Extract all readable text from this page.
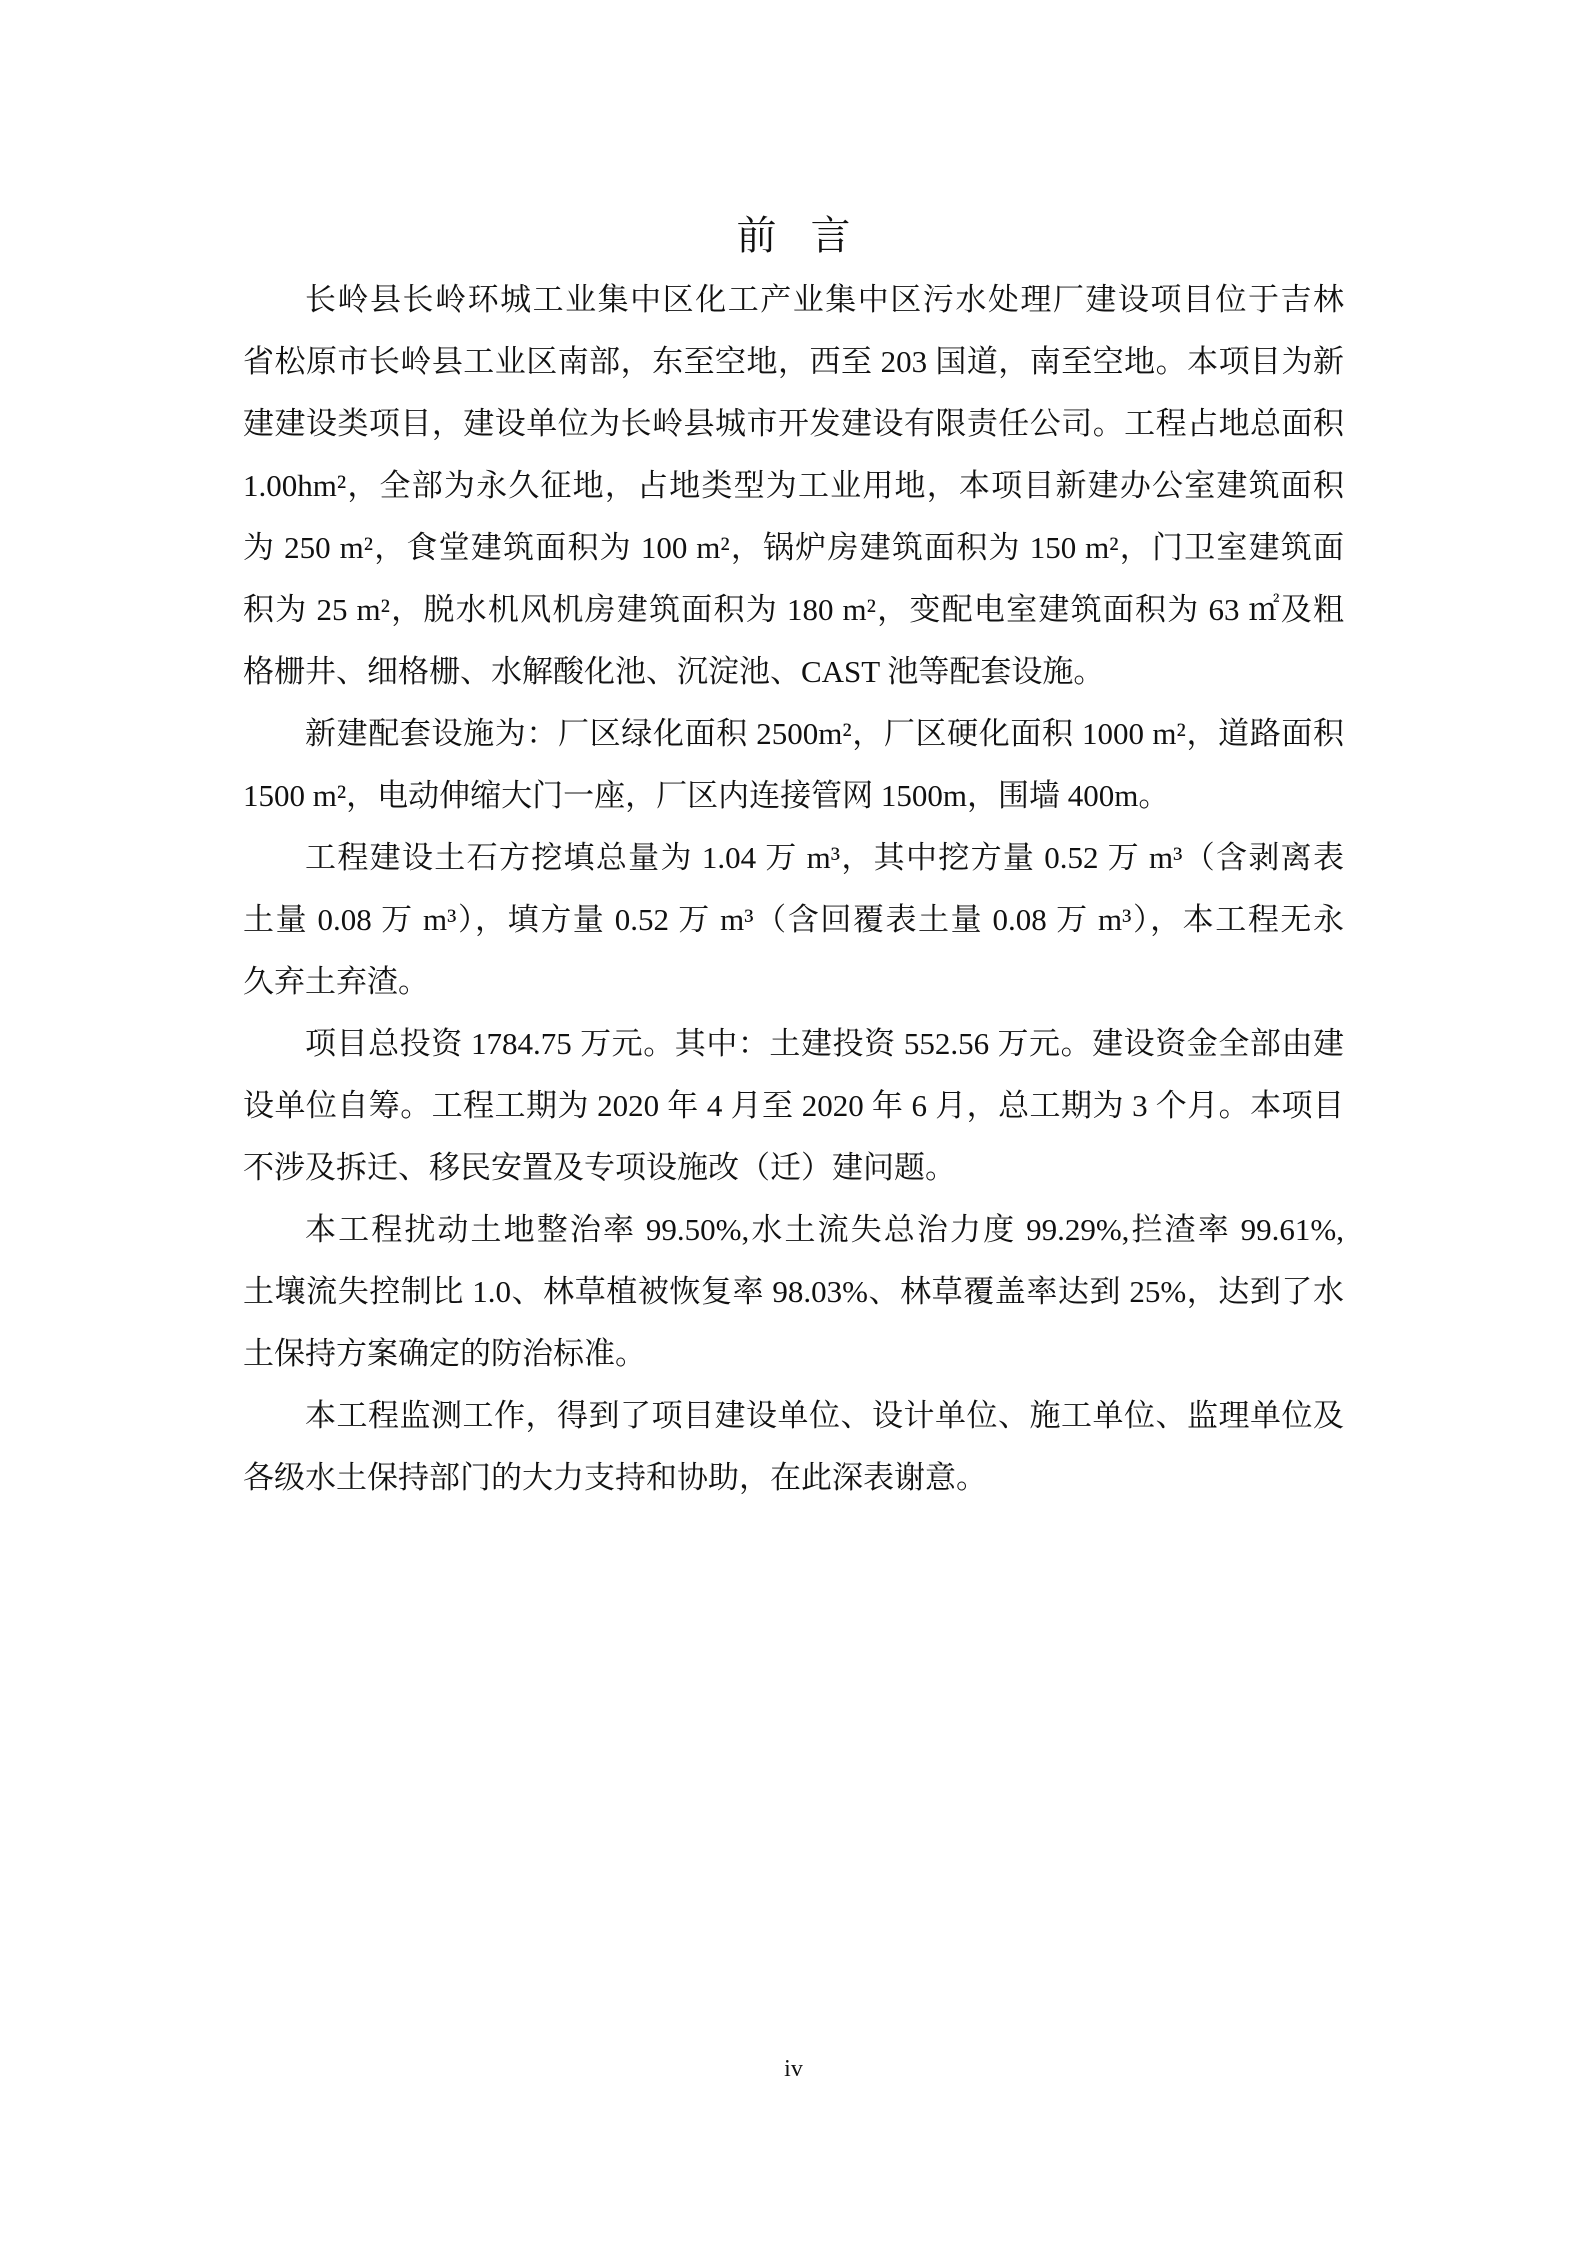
前 言
长岭县长岭环城工业集中区化工产业集中区污水处理厂建设项目位于吉林
省松原市长岭县工业区南部，东至空地，西至 203 国道，南至空地。本项目为新
建建设类项目，建设单位为长岭县城市开发建设有限责任公司。工程占地总面积
1.00hm²，全部为永久征地，占地类型为工业用地，本项目新建办公室建筑面积
为 250 m²，食堂建筑面积为 100 m²，锅炉房建筑面积为 150 m²，门卫室建筑面
积为 25 m²，脱水机风机房建筑面积为 180 m²，变配电室建筑面积为 63 ㎡及粗
格栅井、细格栅、水解酸化池、沉淀池、CAST 池等配套设施。
新建配套设施为：厂区绿化面积 2500m²，厂区硬化面积 1000 m²，道路面积
1500 m²，电动伸缩大门一座，厂区内连接管网 1500m，围墙 400m。
工程建设土石方挖填总量为 1.04 万 m³，其中挖方量 0.52 万 m³（含剥离表
土量 0.08 万 m³），填方量 0.52 万 m³（含回覆表土量 0.08 万 m³），本工程无永
久弃土弃渣。
项目总投资 1784.75 万元。其中：土建投资 552.56 万元。建设资金全部由建
设单位自筹。工程工期为 2020 年 4 月至 2020 年 6 月，总工期为 3 个月。本项目
不涉及拆迁、移民安置及专项设施改（迁）建问题。
本工程扰动土地整治率 99.50%,水土流失总治力度 99.29%,拦渣率 99.61%,
土壤流失控制比 1.0、林草植被恢复率 98.03%、林草覆盖率达到 25%，达到了水
土保持方案确定的防治标准。
本工程监测工作，得到了项目建设单位、设计单位、施工单位、监理单位及
各级水土保持部门的大力支持和协助，在此深表谢意。
iv
